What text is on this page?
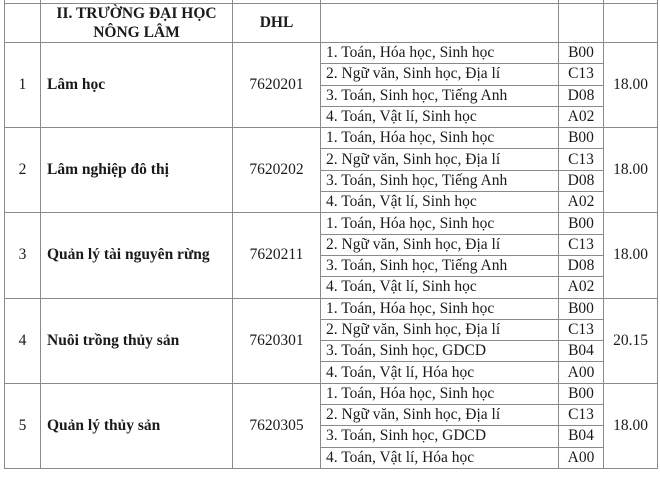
	II. TRƯỜNG ĐẠI HỌC NÔNG LÂM	DHL			
1	Lâm học	7620201	1. Toán, Hóa học, Sinh học	B00	18.00
			2. Ngữ văn, Sinh học, Địa lí	C13	
			3. Toán, Sinh học, Tiếng Anh	D08	
			4. Toán, Vật lí, Sinh học	A02	
2	Lâm nghiệp đô thị	7620202	1. Toán, Hóa học, Sinh học	B00	18.00
			2. Ngữ văn, Sinh học, Địa lí	C13	
			3. Toán, Sinh học, Tiếng Anh	D08	
			4. Toán, Vật lí, Sinh học	A02	
3	Quản lý tài nguyên rừng	7620211	1. Toán, Hóa học, Sinh học	B00	18.00
			2. Ngữ văn, Sinh học, Địa lí	C13	
			3. Toán, Sinh học, Tiếng Anh	D08	
			4. Toán, Vật lí, Sinh học	A02	
4	Nuôi trồng thủy sản	7620301	1. Toán, Hóa học, Sinh học	B00	20.15
			2. Ngữ văn, Sinh học, Địa lí	C13	
			3. Toán, Sinh học, GDCD	B04	
			4. Toán, Vật lí, Hóa học	A00	
5	Quản lý thủy sản	7620305	1. Toán, Hóa học, Sinh học	B00	18.00
			2. Ngữ văn, Sinh học, Địa lí	C13	
			3. Toán, Sinh học, GDCD	B04	
			4. Toán, Vật lí, Hóa học	A00	
